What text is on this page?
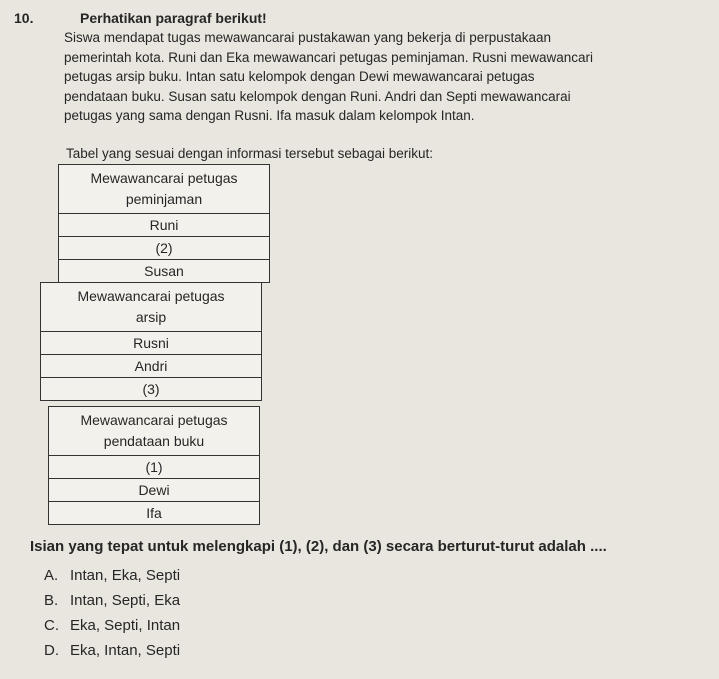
10.	Perhatikan paragraf berikut!
Siswa mendapat tugas mewawancarai pustakawan yang bekerja di perpustakaan
pemerintah kota. Runi dan Eka mewawancari petugas peminjaman. Rusni mewawancari
petugas arsip buku. Intan satu kelompok dengan Dewi mewawancarai petugas
pendataan buku. Susan satu kelompok dengan Runi. Andri dan Septi mewawancarai
petugas yang sama dengan Rusni. Ifa masuk dalam kelompok Intan.
Tabel yang sesuai dengan informasi tersebut sebagai berikut:
Mewawancarai petugas
peminjaman

Runi
(2)
Susan
Mewawancarai petugas
arsip

Rusni
Andri
(3)
Mewawancarai petugas
pendataan buku

(1)
Dewi
Ifa
Isian yang tepat untuk melengkapi (1), (2), dan (3) secara berturut-turut adalah ....
A. Intan, Eka, Septi
B. Intan, Septi, Eka
C. Eka, Septi, Intan
D. Eka, Intan, Septi
